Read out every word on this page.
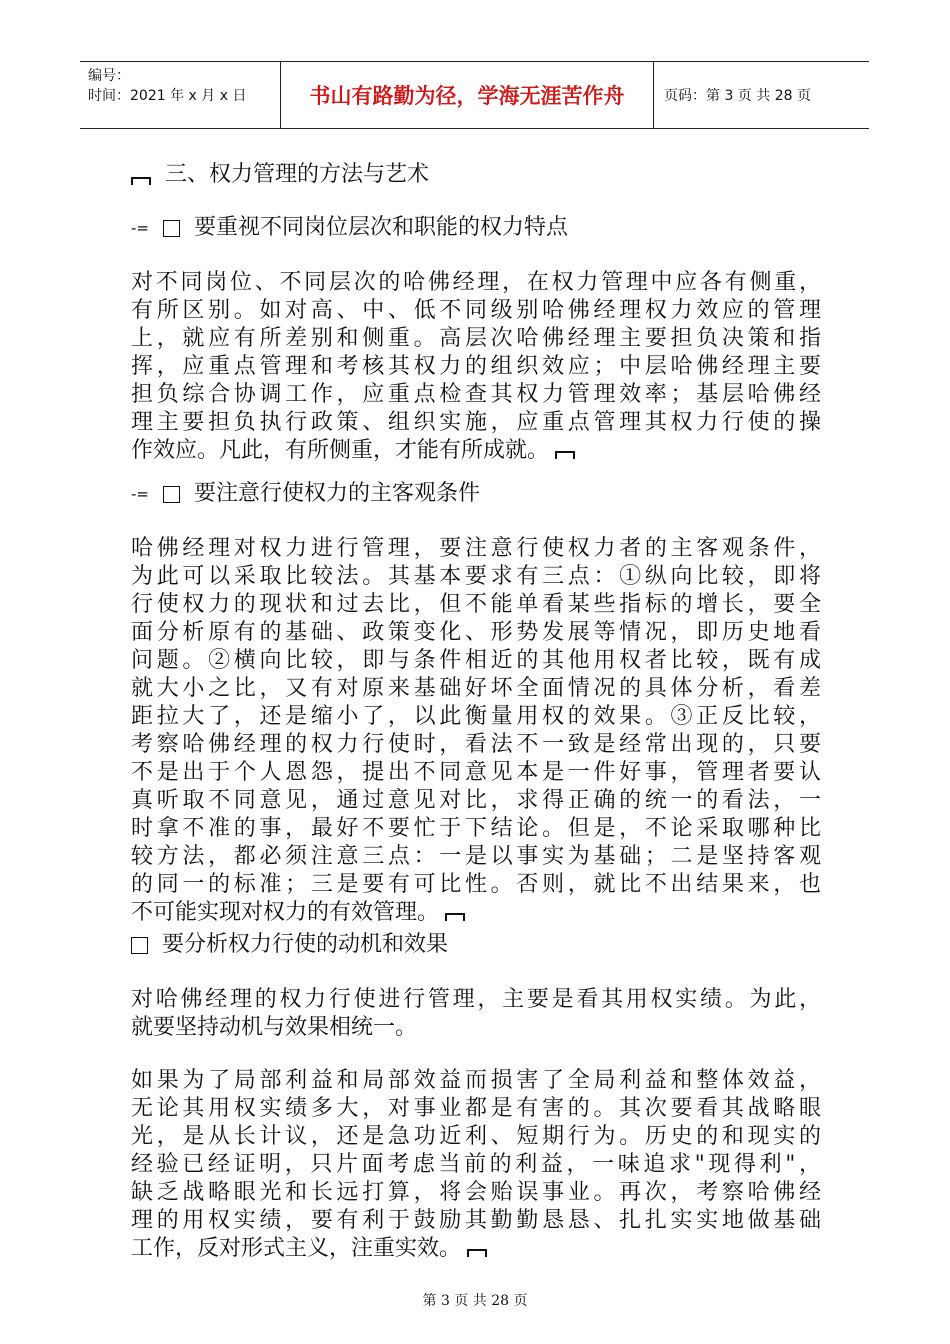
编号：
时间：2021 年 x 月 x 日	书山有路勤为径，学海无涯苦作舟	页码：第 3 页 共 28 页
三、权力管理的方法与艺术
-= 要重视不同岗位层次和职能的权力特点
对不同岗位、不同层次的哈佛经理，在权力管理中应各有侧重，
有所区别。如对高、中、低不同级别哈佛经理权力效应的管理
上，就应有所差别和侧重。高层次哈佛经理主要担负决策和指
挥，应重点管理和考核其权力的组织效应；中层哈佛经理主要
担负综合协调工作，应重点检查其权力管理效率；基层哈佛经
理主要担负执行政策、组织实施，应重点管理其权力行使的操
作效应。凡此，有所侧重，才能有所成就。
-= 要注意行使权力的主客观条件
哈佛经理对权力进行管理，要注意行使权力者的主客观条件，
为此可以采取比较法。其基本要求有三点：①纵向比较，即将
行使权力的现状和过去比，但不能单看某些指标的增长，要全
面分析原有的基础、政策变化、形势发展等情况，即历史地看
问题。②横向比较，即与条件相近的其他用权者比较，既有成
就大小之比，又有对原来基础好坏全面情况的具体分析，看差
距拉大了，还是缩小了，以此衡量用权的效果。③正反比较，
考察哈佛经理的权力行使时，看法不一致是经常出现的，只要
不是出于个人恩怨，提出不同意见本是一件好事，管理者要认
真听取不同意见，通过意见对比，求得正确的统一的看法，一
时拿不准的事，最好不要忙于下结论。但是，不论采取哪种比
较方法，都必须注意三点：一是以事实为基础；二是坚持客观
的同一的标准；三是要有可比性。否则，就比不出结果来，也
不可能实现对权力的有效管理。
要分析权力行使的动机和效果
对哈佛经理的权力行使进行管理，主要是看其用权实绩。为此，
就要坚持动机与效果相统一。
如果为了局部利益和局部效益而损害了全局利益和整体效益，
无论其用权实绩多大，对事业都是有害的。其次要看其战略眼
光，是从长计议，还是急功近利、短期行为。历史的和现实的
经验已经证明，只片面考虑当前的利益，一味追求"现得利"，
缺乏战略眼光和长远打算，将会贻误事业。再次，考察哈佛经
理的用权实绩，要有利于鼓励其勤勤恳恳、扎扎实实地做基础
工作，反对形式主义，注重实效。
第 3 页 共 28 页
